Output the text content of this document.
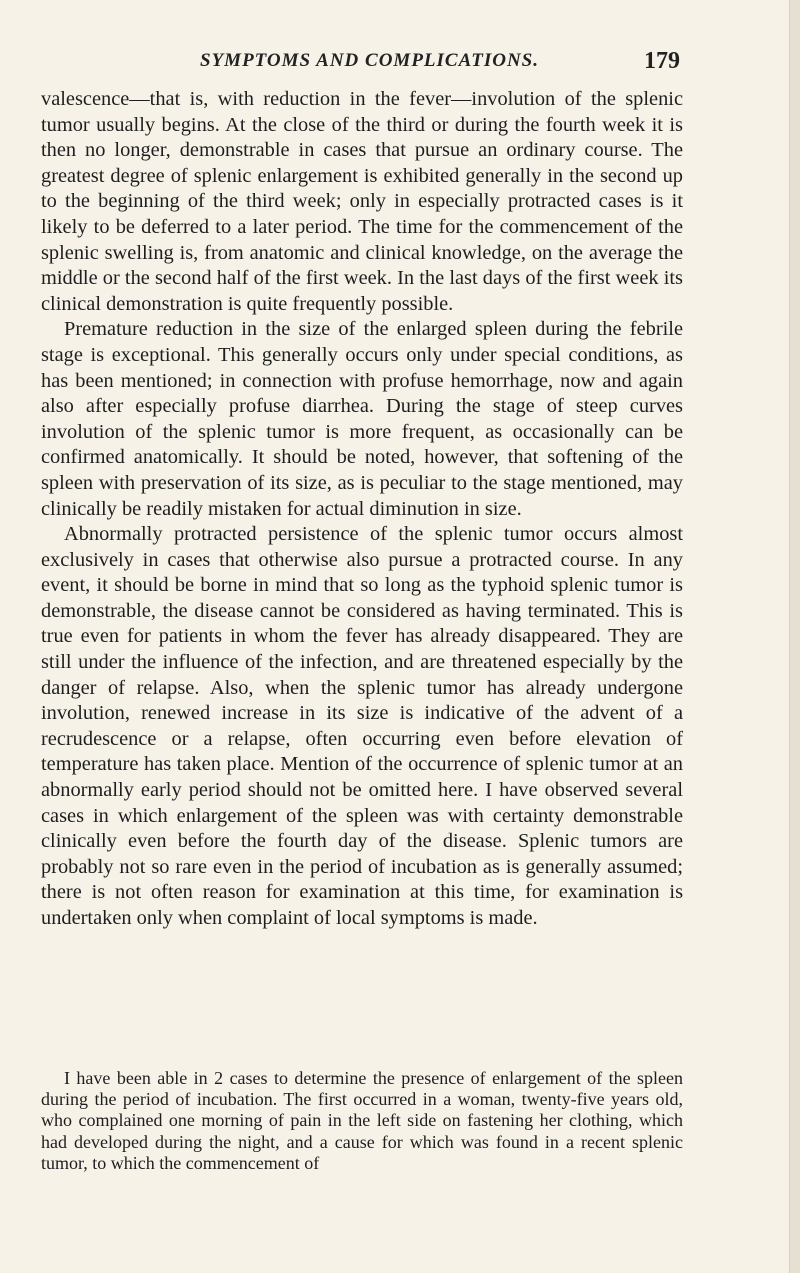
SYMPTOMS AND COMPLICATIONS.	179

valescence—that is, with reduction in the fever—involution of the splenic tumor usually begins. At the close of the third or during the fourth week it is then no longer, demonstrable in cases that pursue an ordinary course. The greatest degree of splenic enlargement is exhibited generally in the second up to the beginning of the third week; only in especially protracted cases is it likely to be deferred to a later period. The time for the commencement of the splenic swelling is, from anatomic and clinical knowledge, on the average the middle or the second half of the first week. In the last days of the first week its clinical demonstration is quite frequently possible.

Premature reduction in the size of the enlarged spleen during the febrile stage is exceptional. This generally occurs only under special conditions, as has been mentioned; in connection with profuse hemorrhage, now and again also after especially profuse diarrhea. During the stage of steep curves involution of the splenic tumor is more frequent, as occasionally can be confirmed anatomically. It should be noted, however, that softening of the spleen with preservation of its size, as is peculiar to the stage mentioned, may clinically be readily mistaken for actual diminution in size.

Abnormally protracted persistence of the splenic tumor occurs almost exclusively in cases that otherwise also pursue a protracted course. In any event, it should be borne in mind that so long as the typhoid splenic tumor is demonstrable, the disease cannot be considered as having terminated. This is true even for patients in whom the fever has already disappeared. They are still under the influence of the infection, and are threatened especially by the danger of relapse. Also, when the splenic tumor has already undergone involution, renewed increase in its size is indicative of the advent of a recrudescence or a relapse, often occurring even before elevation of temperature has taken place. Mention of the occurrence of splenic tumor at an abnormally early period should not be omitted here. I have observed several cases in which enlargement of the spleen was with certainty demonstrable clinically even before the fourth day of the disease. Splenic tumors are probably not so rare even in the period of incubation as is generally assumed; there is not often reason for examination at this time, for examination is undertaken only when complaint of local symptoms is made.

I have been able in 2 cases to determine the presence of enlargement of the spleen during the period of incubation. The first occurred in a woman, twenty-five years old, who complained one morning of pain in the left side on fastening her clothing, which had developed during the night, and a cause for which was found in a recent splenic tumor, to which the commencement of
